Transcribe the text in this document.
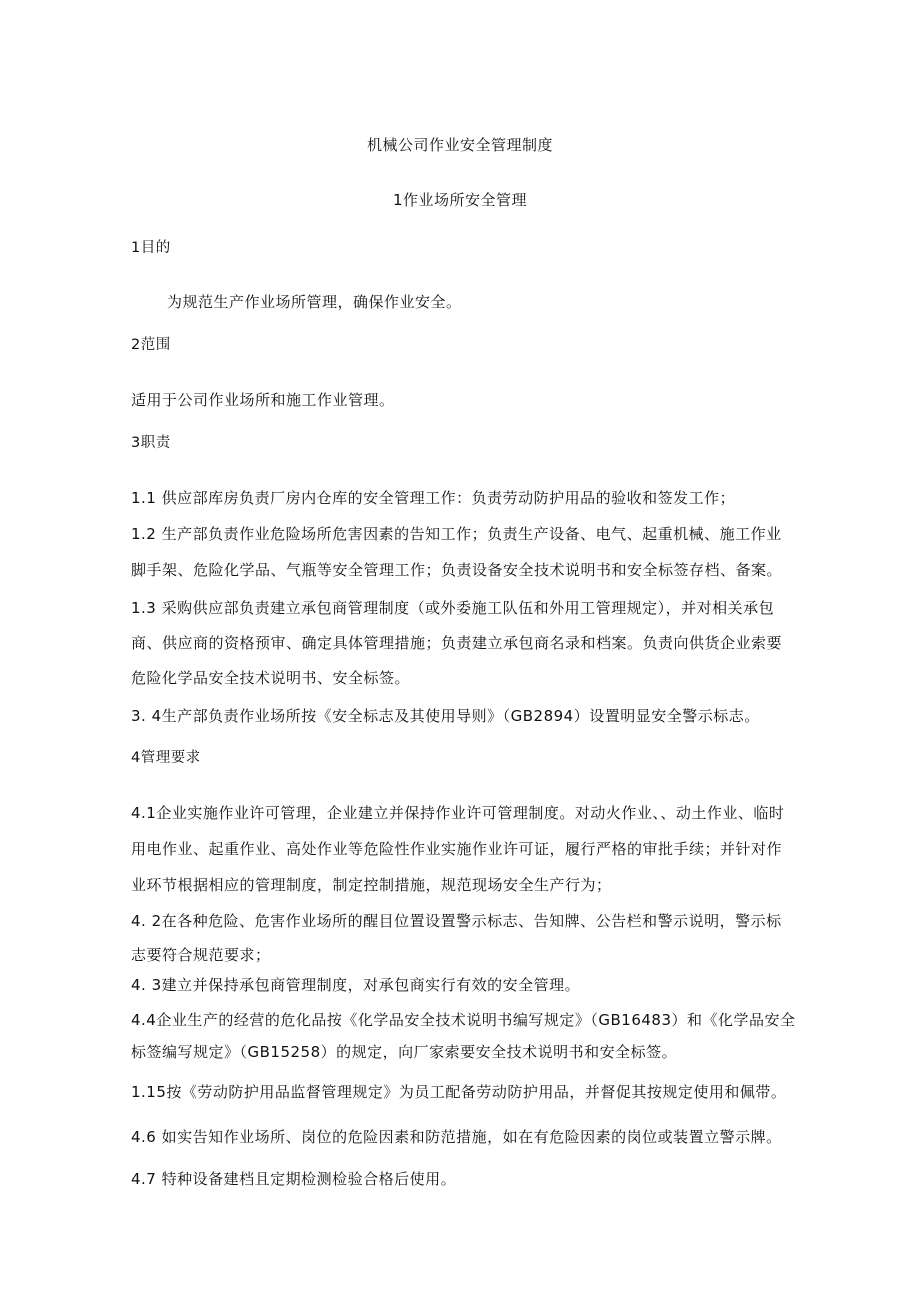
机械公司作业安全管理制度
1作业场所安全管理
1目的
为规范生产作业场所管理，确保作业安全。
2范围
适用于公司作业场所和施工作业管理。
3职责
1.1 供应部库房负责厂房内仓库的安全管理工作：负责劳动防护用品的验收和签发工作；
1.2 生产部负责作业危险场所危害因素的告知工作；负责生产设备、电气、起重机械、施工作业
脚手架、危险化学品、气瓶等安全管理工作；负责设备安全技术说明书和安全标签存档、备案。
1.3 采购供应部负责建立承包商管理制度（或外委施工队伍和外用工管理规定），并对相关承包
商、供应商的资格预审、确定具体管理措施；负责建立承包商名录和档案。负责向供货企业索要
危险化学品安全技术说明书、安全标签。
3. 4生产部负责作业场所按《安全标志及其使用导则》（GB2894）设置明显安全警示标志。
4管理要求
4.1企业实施作业许可管理，企业建立并保持作业许可管理制度。对动火作业、、动土作业、临时
用电作业、起重作业、高处作业等危险性作业实施作业许可证，履行严格的审批手续；并针对作
业环节根据相应的管理制度，制定控制措施，规范现场安全生产行为；
4. 2在各种危险、危害作业场所的醒目位置设置警示标志、告知牌、公告栏和警示说明，警示标
志要符合规范要求；
4. 3建立并保持承包商管理制度，对承包商实行有效的安全管理。
4.4企业生产的经营的危化品按《化学品安全技术说明书编写规定》（GB16483）和《化学品安全
标签编写规定》（GB15258）的规定，向厂家索要安全技术说明书和安全标签。
1.15按《劳动防护用品监督管理规定》为员工配备劳动防护用品，并督促其按规定使用和佩带。
4.6 如实告知作业场所、岗位的危险因素和防范措施，如在有危险因素的岗位或装置立警示牌。
4.7 特种设备建档且定期检测检验合格后使用。
